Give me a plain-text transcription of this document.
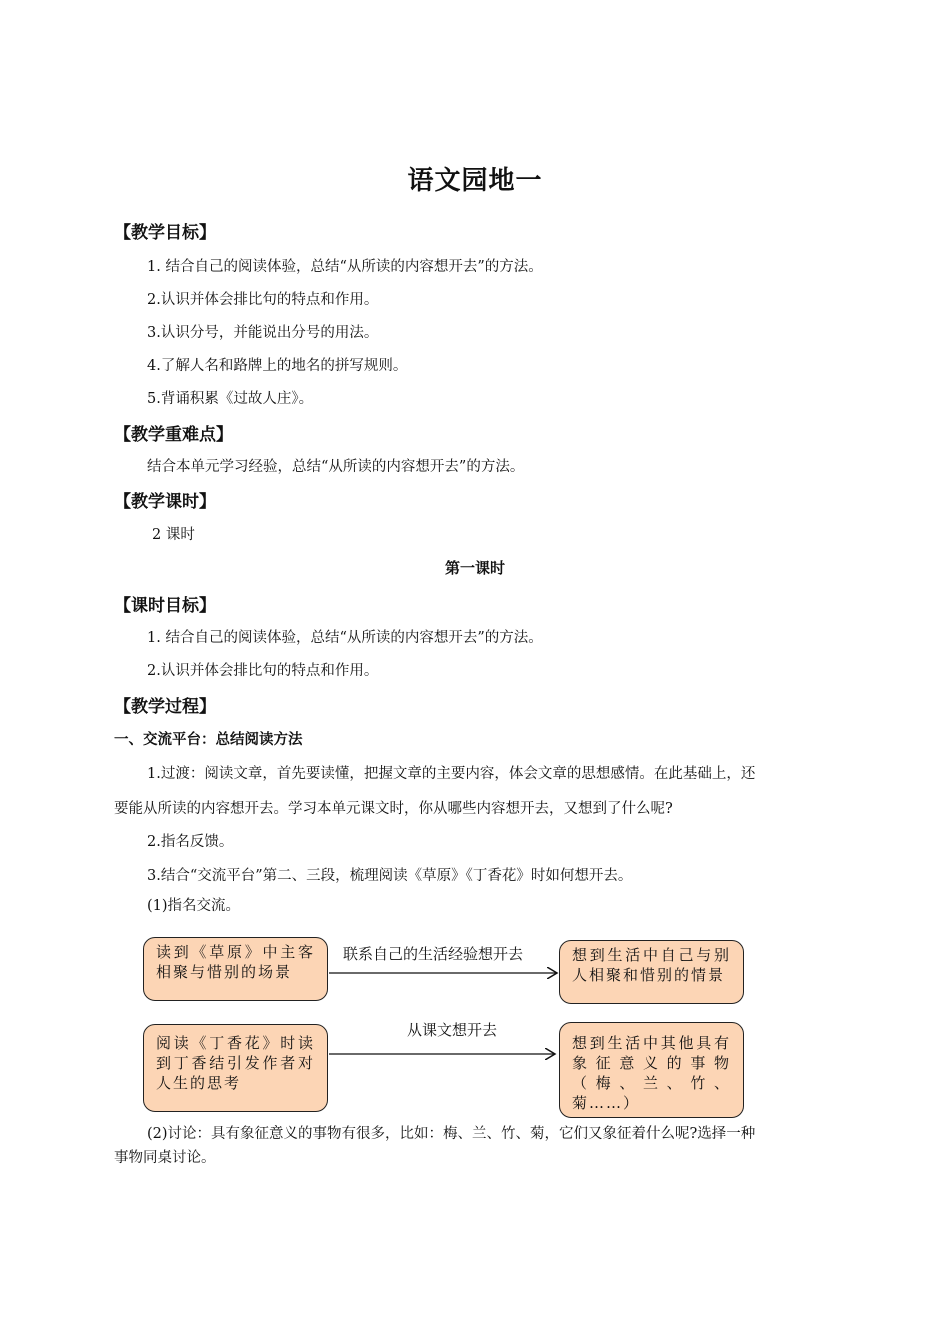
语文园地一
【教学目标】
1. 结合自己的阅读体验，总结“从所读的内容想开去”的方法。
2.认识并体会排比句的特点和作用。
3.认识分号，并能说出分号的用法。
4.了解人名和路牌上的地名的拼写规则。
5.背诵积累《过故人庄》。
【教学重难点】
结合本单元学习经验，总结“从所读的内容想开去”的方法。
【教学课时】
2 课时
第一课时
【课时目标】
1. 结合自己的阅读体验，总结“从所读的内容想开去”的方法。
2.认识并体会排比句的特点和作用。
【教学过程】
一、交流平台：总结阅读方法
1.过渡：阅读文章，首先要读懂，把握文章的主要内容，体会文章的思想感情。在此基础上，还
要能从所读的内容想开去。学习本单元课文时，你从哪些内容想开去，又想到了什么呢?
2.指名反馈。
3.结合“交流平台”第二、三段，梳理阅读《草原》《丁香花》时如何想开去。
(1)指名交流。
读到《草原》中主客 相聚与惜别的场景
联系自己的生活经验想开去	想到生活中自己与别人相聚和惜别的情景
阅读《丁香花》时读 到丁香结引发作者对 人生的思考
从课文想开去
想到生活中其他具有象征意义的事物（梅、兰、竹、菊……）
(2)讨论：具有象征意义的事物有很多，比如：梅、兰、竹、菊，它们又象征着什么呢?选择一种
事物同桌讨论。
